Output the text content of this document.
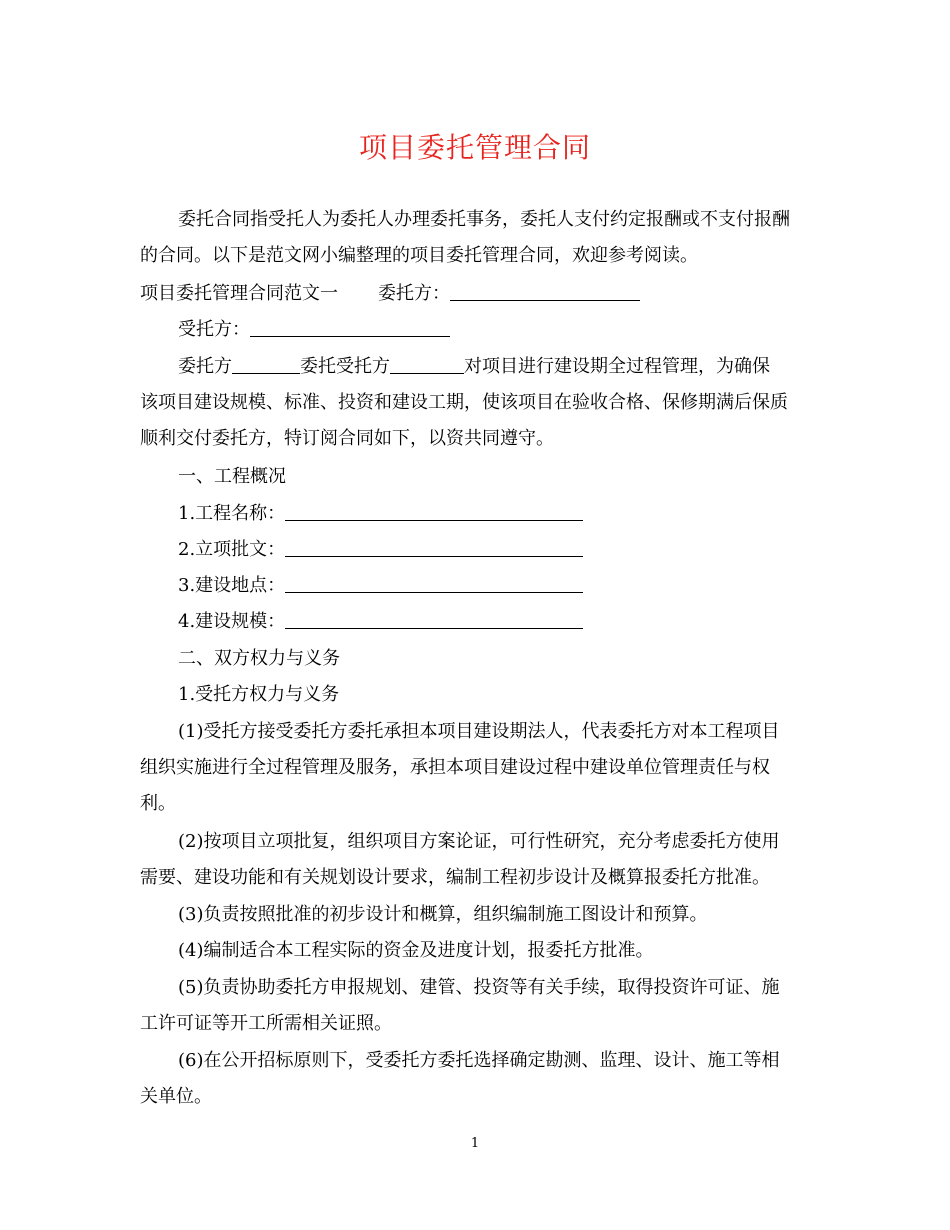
项目委托管理合同
委托合同指受托人为委托人办理委托事务，委托人支付约定报酬或不支付报酬
的合同。以下是范文网小编整理的项目委托管理合同，欢迎参考阅读。
项目委托管理合同范文一 委托方：
受托方：
委托方	委托受托方	对项目进行建设期全过程管理，为确保
该项目建设规模、标准、投资和建设工期，使该项目在验收合格、保修期满后保质
顺利交付委托方，特订阅合同如下，以资共同遵守。
一、工程概况
1.工程名称：
2.立项批文：
3.建设地点：
4.建设规模：
二、双方权力与义务
1.受托方权力与义务
(1)受托方接受委托方委托承担本项目建设期法人，代表委托方对本工程项目
组织实施进行全过程管理及服务，承担本项目建设过程中建设单位管理责任与权
利。
(2)按项目立项批复，组织项目方案论证，可行性研究，充分考虑委托方使用
需要、建设功能和有关规划设计要求，编制工程初步设计及概算报委托方批准。
(3)负责按照批准的初步设计和概算，组织编制施工图设计和预算。
(4)编制适合本工程实际的资金及进度计划，报委托方批准。
(5)负责协助委托方申报规划、建管、投资等有关手续，取得投资许可证、施
工许可证等开工所需相关证照。
(6)在公开招标原则下，受委托方委托选择确定勘测、监理、设计、施工等相
关单位。
1
